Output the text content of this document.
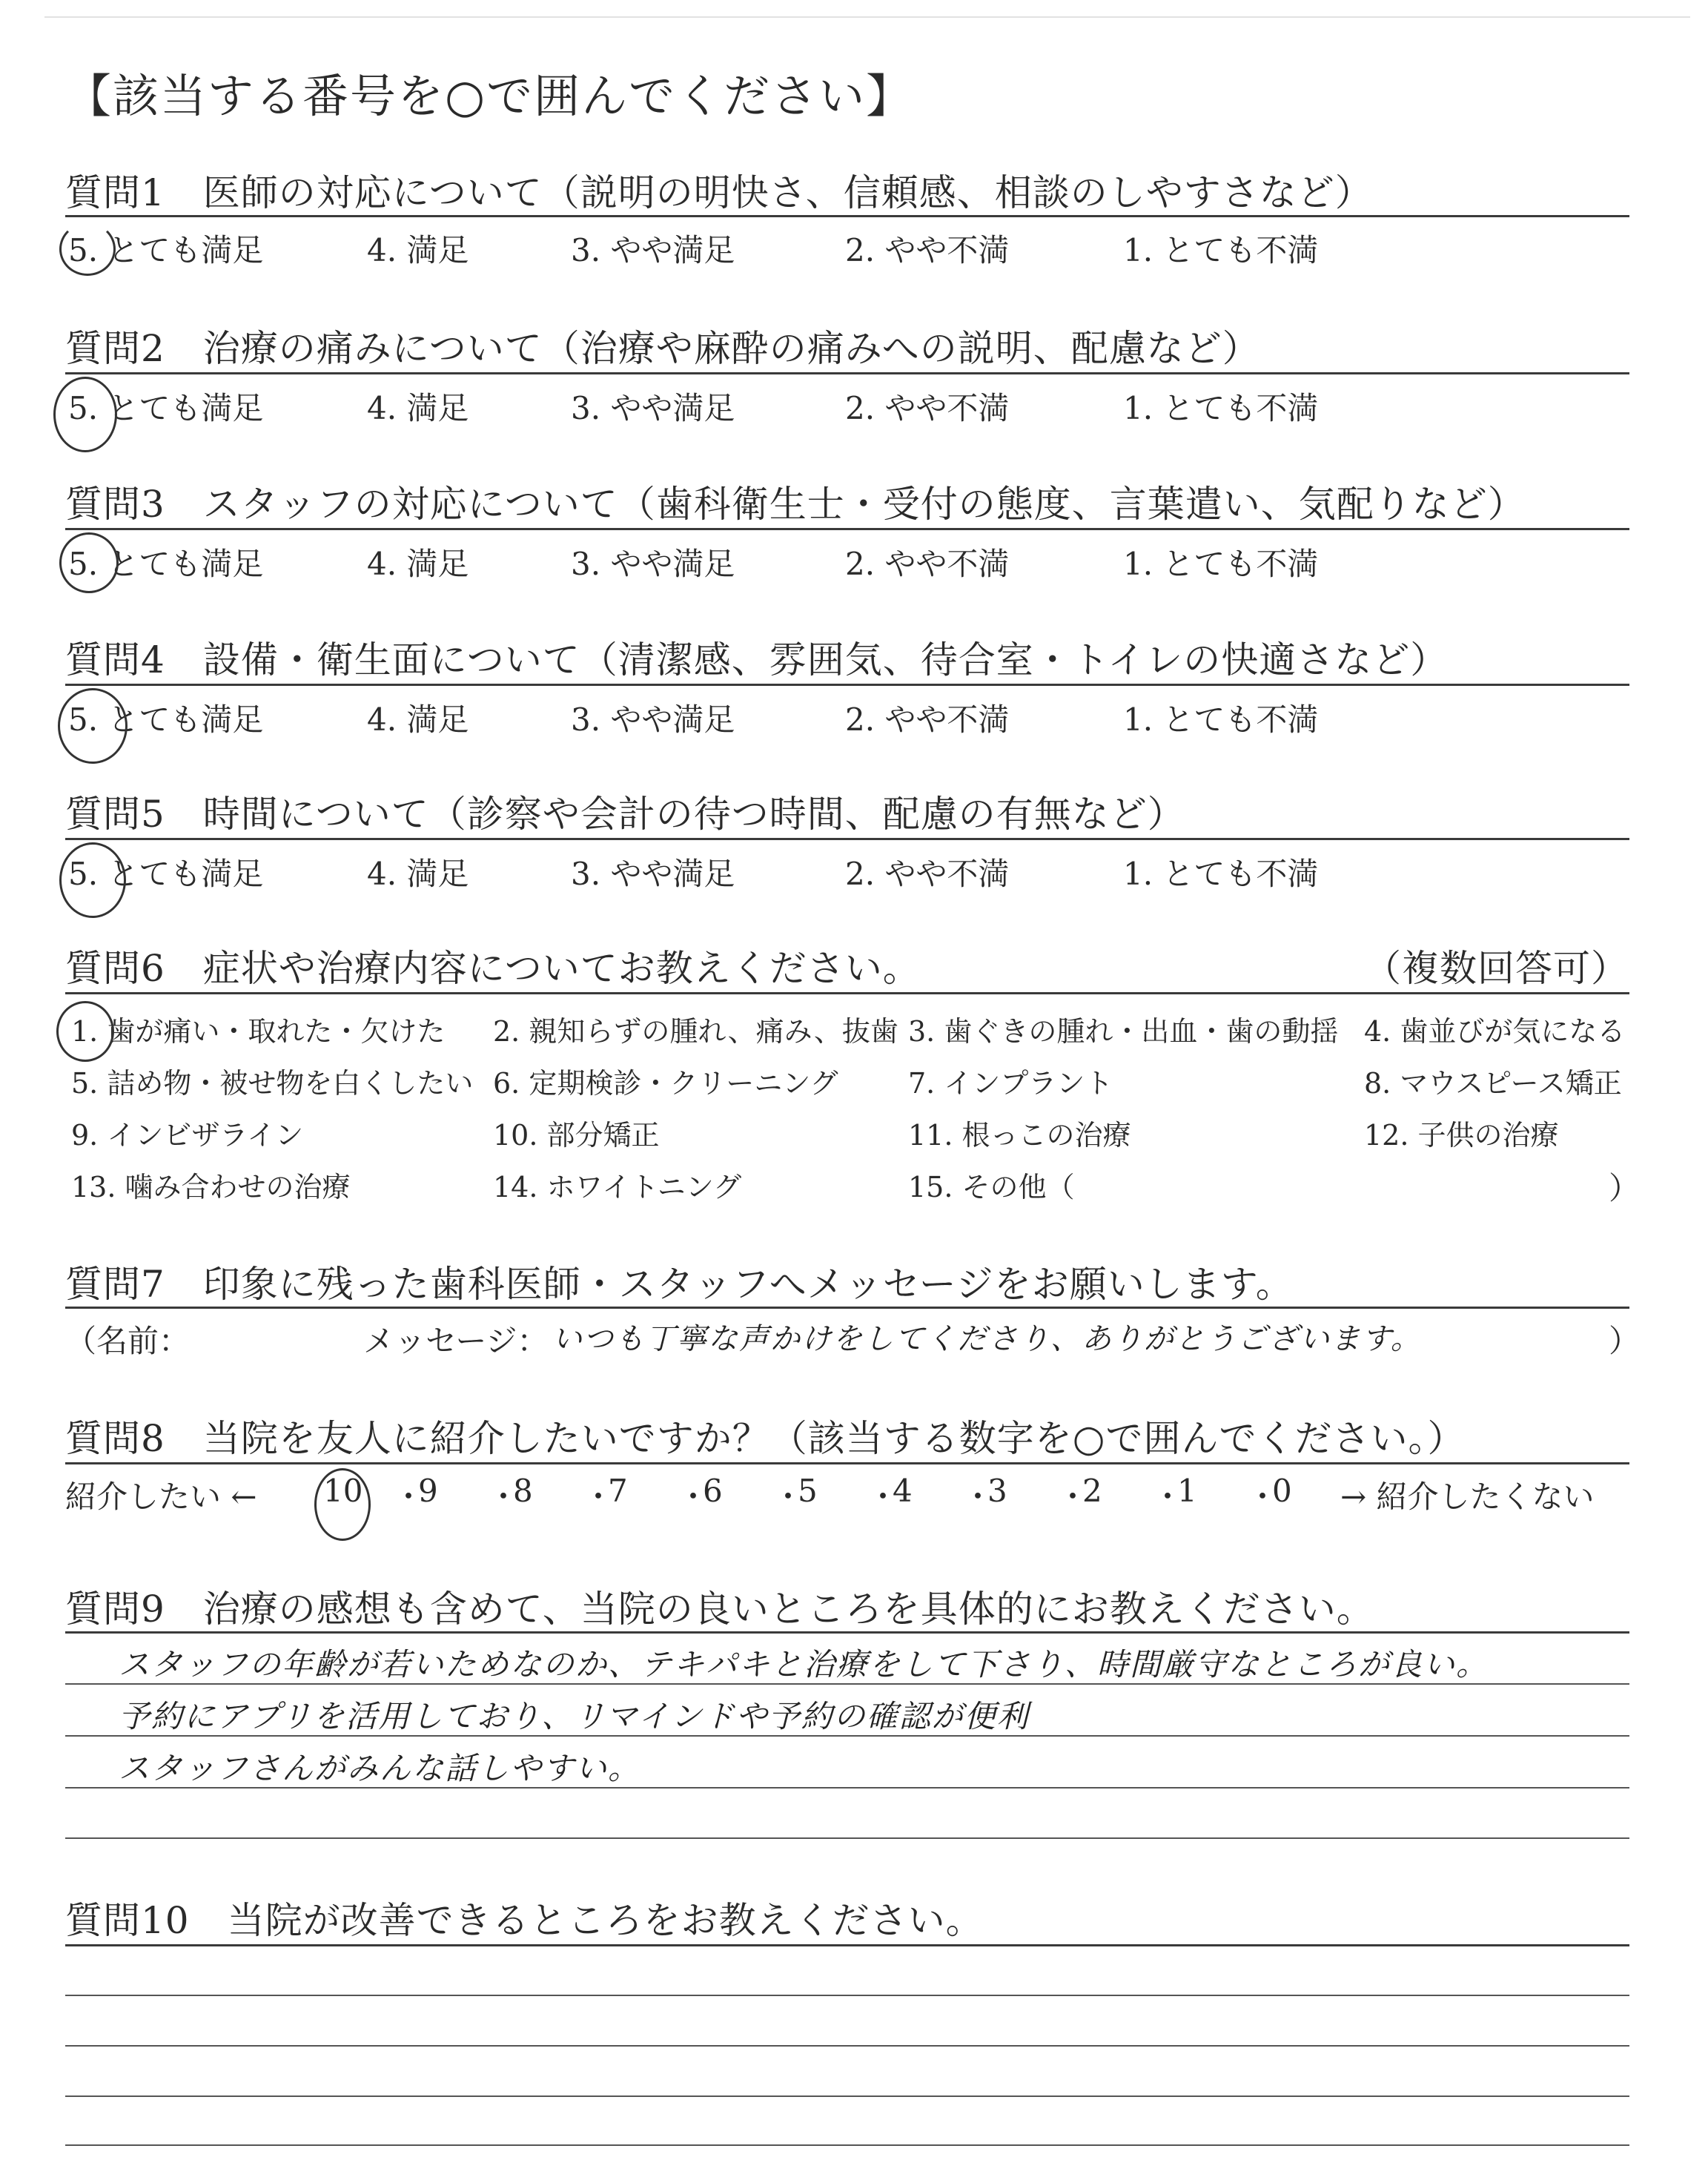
【該当する番号を○で囲んでください】
質問1　医師の対応について（説明の明快さ、信頼感、相談のしやすさなど）
5. とても満足	4. 満足	3. やや満足	2. やや不満	1. とても不満
質問2　治療の痛みについて（治療や麻酔の痛みへの説明、配慮など）
5. とても満足	4. 満足	3. やや満足	2. やや不満	1. とても不満
質問3　スタッフの対応について（歯科衛生士・受付の態度、言葉遣い、気配りなど）
5. とても満足	4. 満足	3. やや満足	2. やや不満	1. とても不満
質問4　設備・衛生面について（清潔感、雰囲気、待合室・トイレの快適さなど）
5. とても満足	4. 満足	3. やや満足	2. やや不満	1. とても不満
質問5　時間について（診察や会計の待つ時間、配慮の有無など）
5. とても満足	4. 満足	3. やや満足	2. やや不満	1. とても不満
質問6　症状や治療内容についてお教えください。	（複数回答可）
1. 歯が痛い・取れた・欠けた 2. 親知らずの腫れ、痛み、抜歯 3. 歯ぐきの腫れ・出血・歯の動揺 4. 歯並びが気になる
5. 詰め物・被せ物を白くしたい 6. 定期検診・クリーニング 7. インプラント	8. マウスピース矯正
9. インビザライン	10. 部分矯正	11. 根っこの治療	12. 子供の治療
13. 噛み合わせの治療	14. ホワイトニング	15. その他（	）
質問7　印象に残った歯科医師・スタッフへメッセージをお願いします。
（名前：	メッセージ： いつも丁寧な声かけをしてくださり、ありがとうございます。	）
質問8　当院を友人に紹介したいですか？（該当する数字を○で囲んでください。）
紹介したい ← 10 ・
9 ・
8 ・
7 ・
6 ・
5 ・
4 ・
3 ・
2 ・
1 ・
0 → 紹介したくない
質問9　治療の感想も含めて、当院の良いところを具体的にお教えください。
スタッフの年齢が若いためなのか、テキパキと治療をして下さり、時間厳守なところが良い。
予約にアプリを活用しており、リマインドや予約の確認が便利
スタッフさんがみんな話しやすい。
質問10　当院が改善できるところをお教えください。
